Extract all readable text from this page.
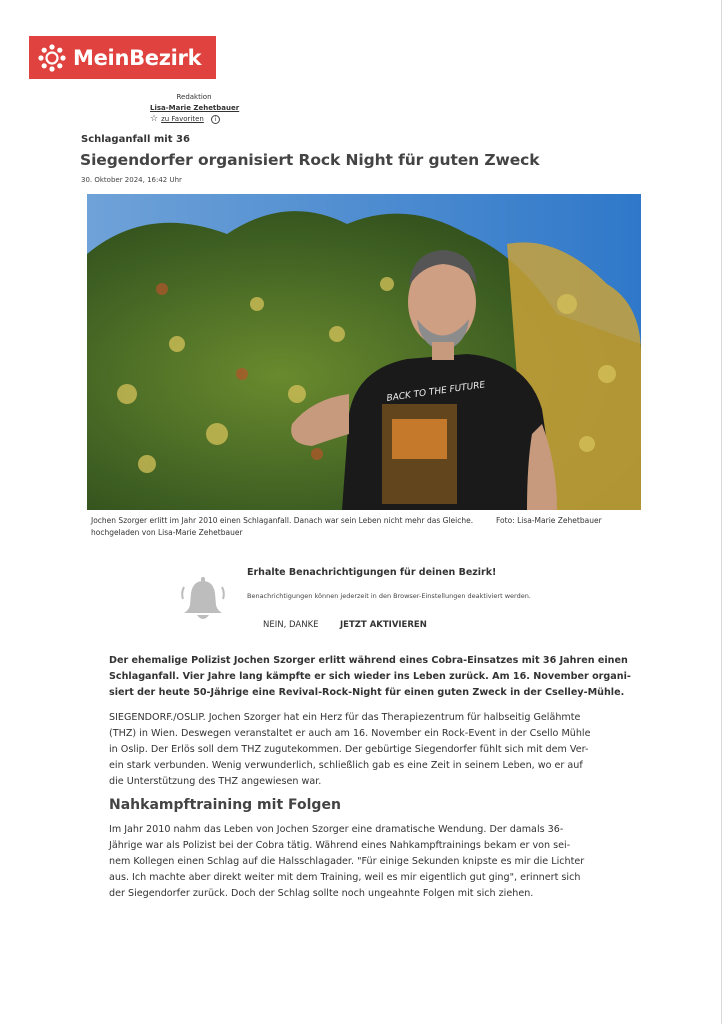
MeinBezirk
Redaktion
Lisa-Marie Zehetbauer
☆ zu Favoriten	i
Schlaganfall mit 36
Siegendorfer organisiert Rock Night für guten Zweck
30. Oktober 2024, 16:42 Uhr
BACK TO THE FUTURE
Jochen Szorger erlitt im Jahr 2010 einen Schlaganfall. Danach war sein Leben nicht mehr das Gleiche.
hochgeladen von Lisa-Marie Zehetbauer
Foto: Lisa-Marie Zehetbauer
Erhalte Benachrichtigungen für deinen Bezirk!
Benachrichtigungen können jederzeit in den Browser-Einstellungen deaktiviert werden.
NEIN, DANKE	JETZT AKTIVIEREN
Der ehemalige Polizist Jochen Szorger erlitt während eines Cobra-Einsatzes mit 36 Jahren einen
Schlaganfall. Vier Jahre lang kämpfte er sich wieder ins Leben zurück. Am 16. November organi-
siert der heute 50-Jährige eine Revival-Rock-Night für einen guten Zweck in der Cselley-Mühle.
SIEGENDORF./OSLIP. Jochen Szorger hat ein Herz für das Therapiezentrum für halbseitig Gelähmte
(THZ) in Wien. Deswegen veranstaltet er auch am 16. November ein Rock-Event in der Csello Mühle
in Oslip. Der Erlös soll dem THZ zugutekommen. Der gebürtige Siegendorfer fühlt sich mit dem Ver-
ein stark verbunden. Wenig verwunderlich, schließlich gab es eine Zeit in seinem Leben, wo er auf
die Unterstützung des THZ angewiesen war.
Nahkampftraining mit Folgen
Im Jahr 2010 nahm das Leben von Jochen Szorger eine dramatische Wendung. Der damals 36-
Jährige war als Polizist bei der Cobra tätig. Während eines Nahkampftrainings bekam er von sei-
nem Kollegen einen Schlag auf die Halsschlagader. "Für einige Sekunden knipste es mir die Lichter
aus. Ich machte aber direkt weiter mit dem Training, weil es mir eigentlich gut ging", erinnert sich
der Siegendorfer zurück. Doch der Schlag sollte noch ungeahnte Folgen mit sich ziehen.
